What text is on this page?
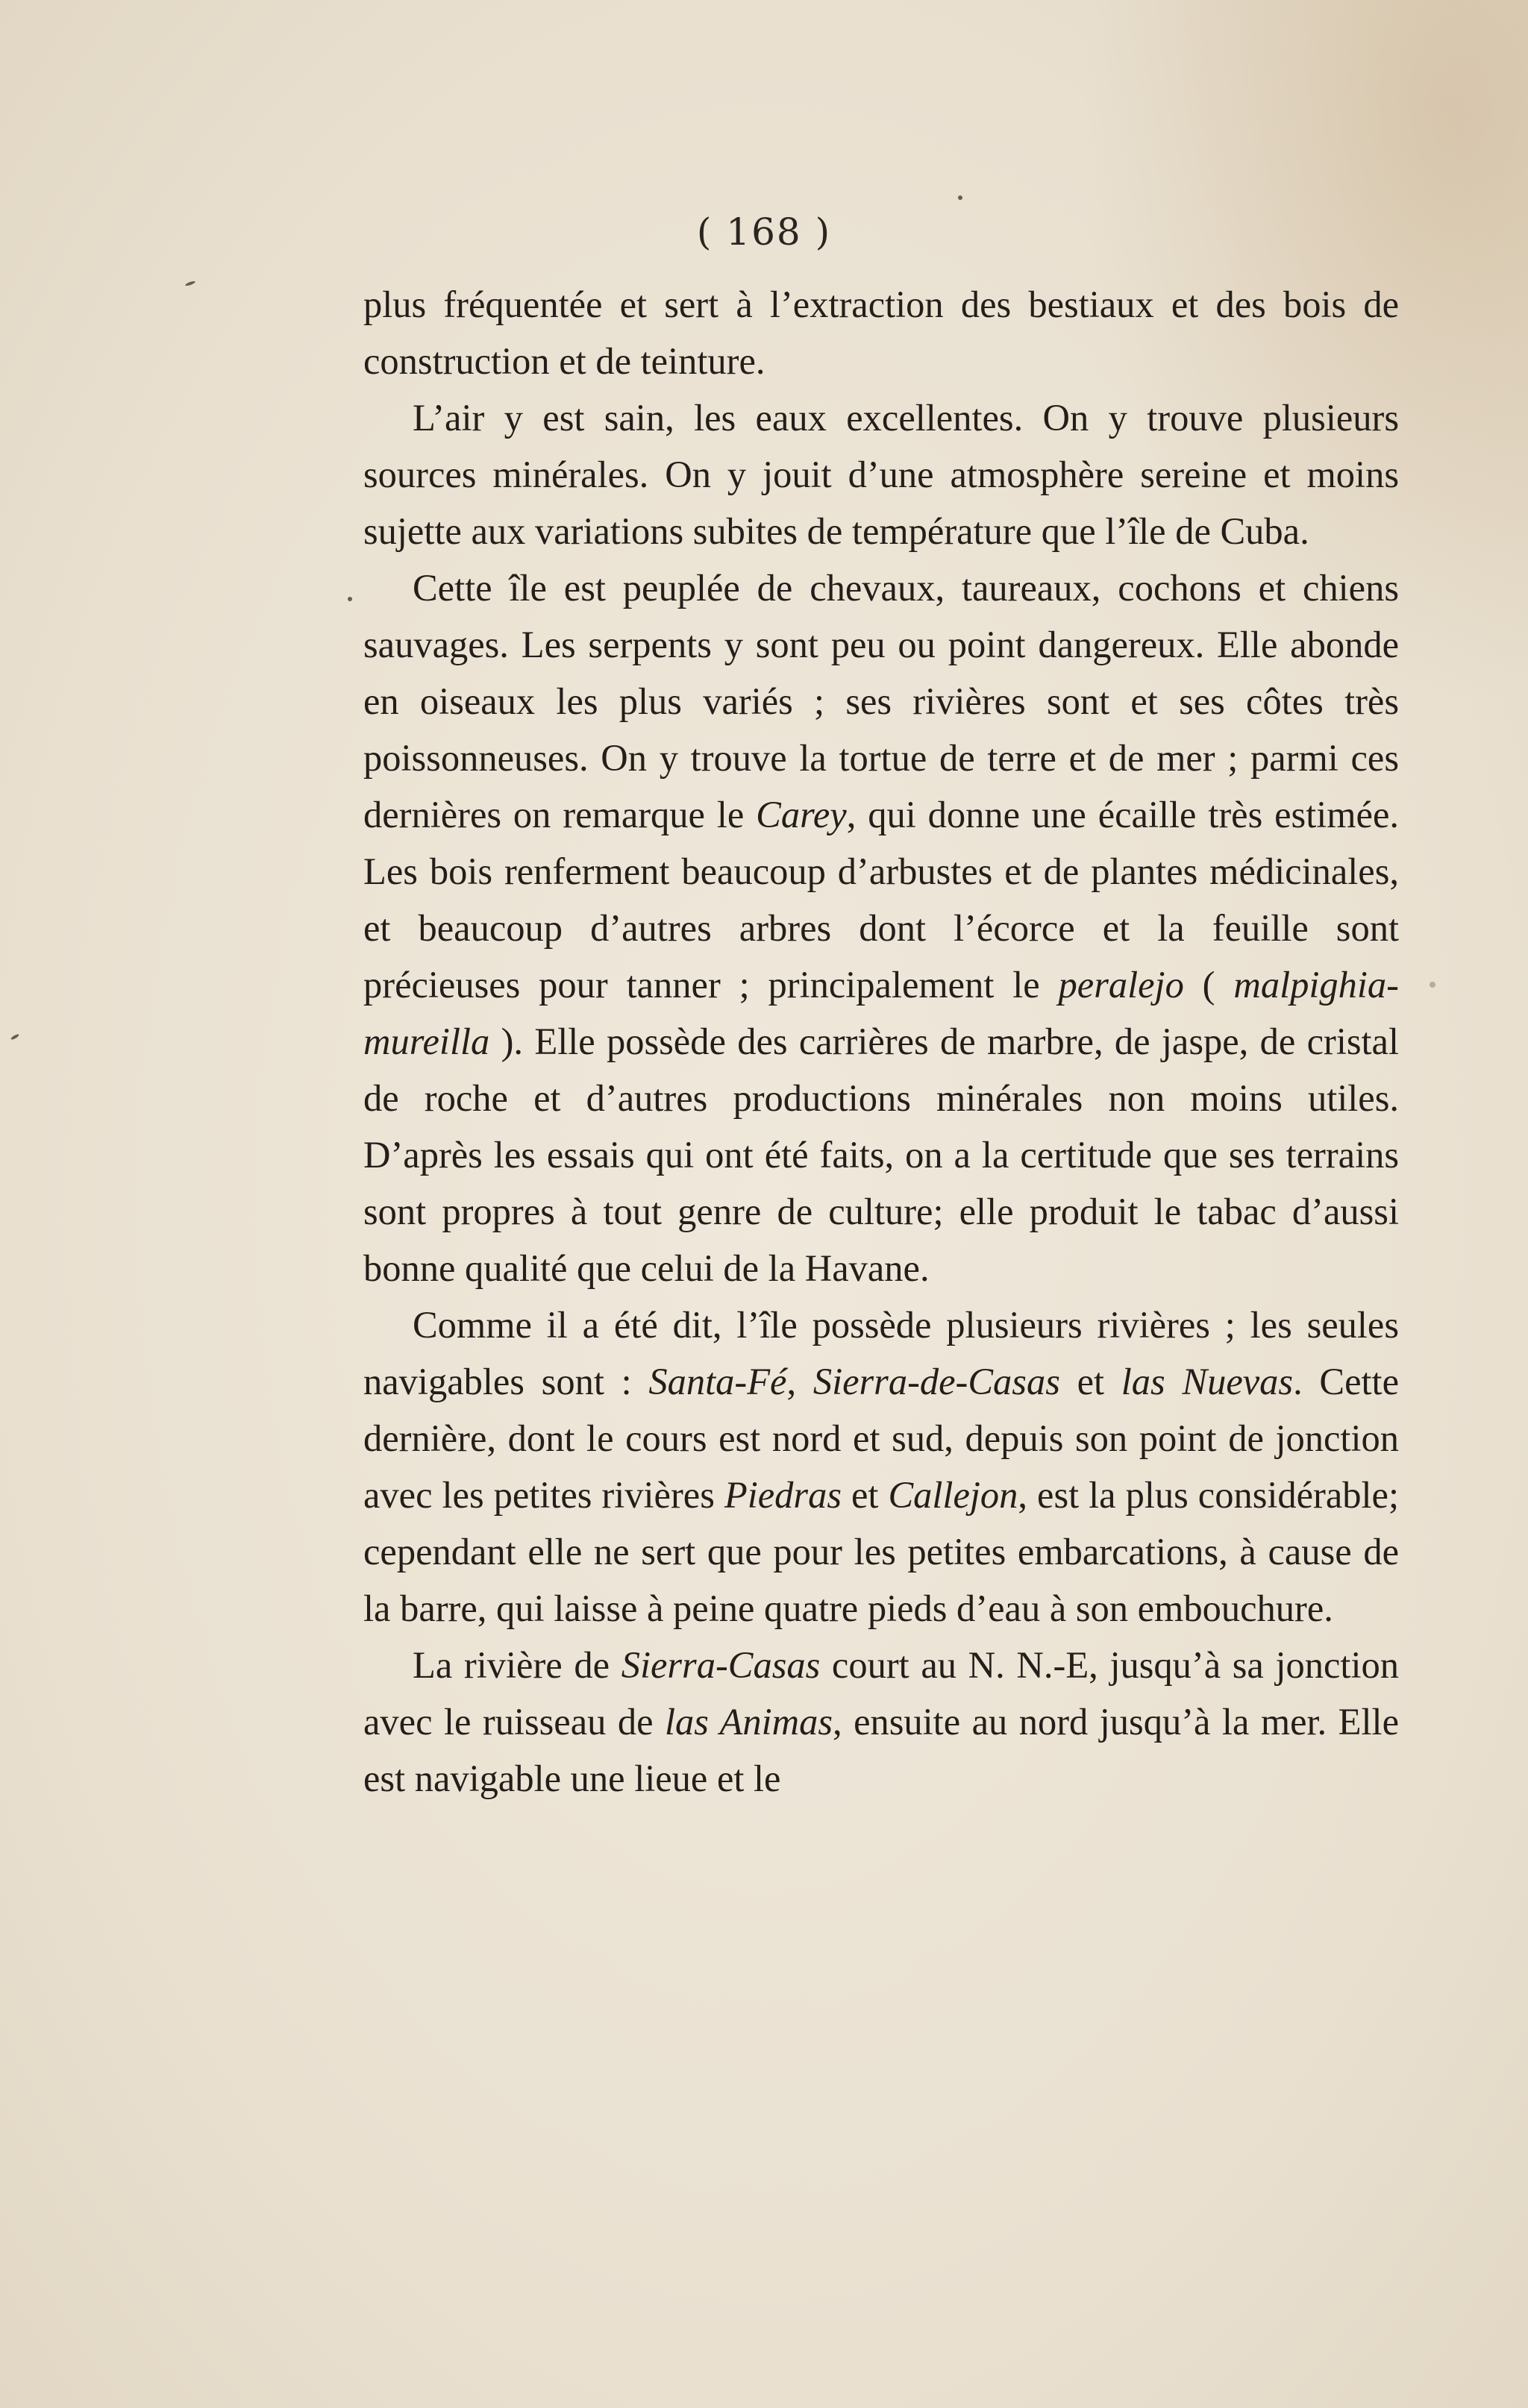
( 168 )

plus fréquentée et sert à l’extraction des bestiaux et des bois de construction et de teinture.

L’air y est sain, les eaux excellentes. On y trouve plusieurs sources minérales. On y jouit d’une atmosphère sereine et moins sujette aux variations subites de température que l’île de Cuba.

Cette île est peuplée de chevaux, taureaux, cochons et chiens sauvages. Les serpents y sont peu ou point dangereux. Elle abonde en oiseaux les plus variés ; ses rivières sont et ses côtes très poissonneuses. On y trouve la tortue de terre et de mer ; parmi ces dernières on remarque le Carey, qui donne une écaille très estimée. Les bois renferment beaucoup d’arbustes et de plantes médicinales, et beaucoup d’autres arbres dont l’écorce et la feuille sont précieuses pour tanner ; principalement le peralejo ( malpighia-mureilla ). Elle possède des carrières de marbre, de jaspe, de cristal de roche et d’autres productions minérales non moins utiles. D’après les essais qui ont été faits, on a la certitude que ses terrains sont propres à tout genre de culture; elle produit le tabac d’aussi bonne qualité que celui de la Havane.

Comme il a été dit, l’île possède plusieurs rivières ; les seules navigables sont : Santa-Fé, Sierra-de-Casas et las Nuevas. Cette dernière, dont le cours est nord et sud, depuis son point de jonction avec les petites rivières Piedras et Callejon, est la plus considérable; cependant elle ne sert que pour les petites embarcations, à cause de la barre, qui laisse à peine quatre pieds d’eau à son embouchure.

La rivière de Sierra-Casas court au N. N.-E, jusqu’à sa jonction avec le ruisseau de las Animas, ensuite au nord jusqu’à la mer. Elle est navigable une lieue et le
